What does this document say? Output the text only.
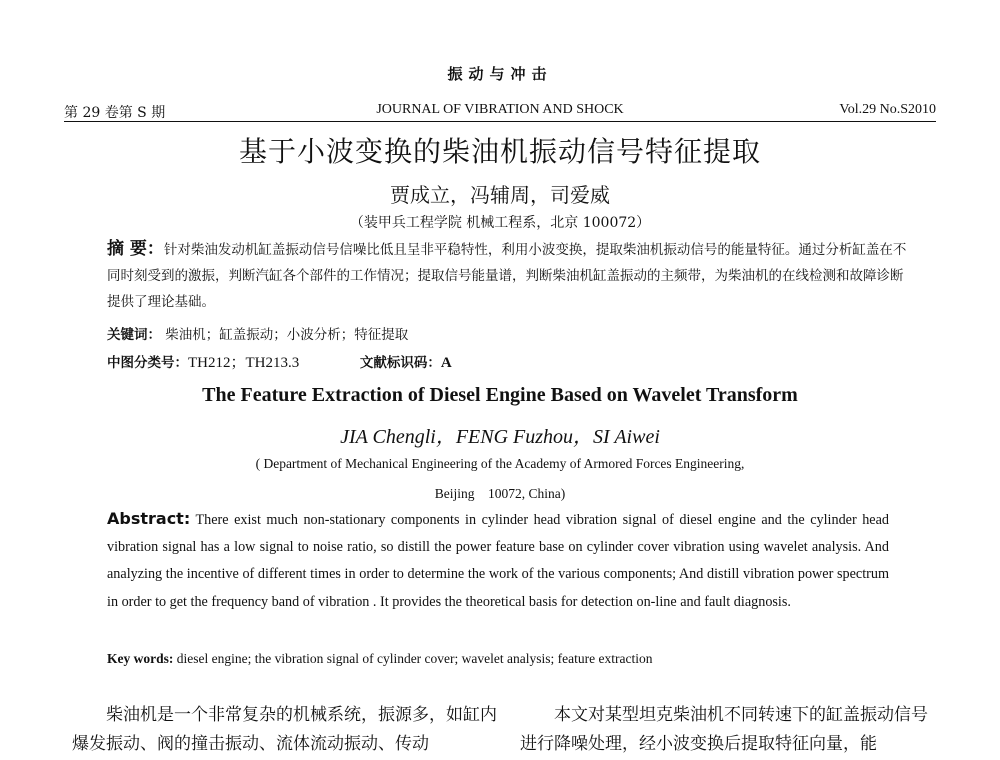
振动与冲击
第 29 卷第 S 期	JOURNAL OF VIBRATION AND SHOCK	Vol.29 No.S2010
基于小波变换的柴油机振动信号特征提取
贾成立，冯辅周，司爱威
（装甲兵工程学院 机械工程系，北京 100072）
摘 要：针对柴油发动机缸盖振动信号信噪比低且呈非平稳特性，利用小波变换，提取柴油机振动信号的能量特征。通过分析缸盖在不同时刻受到的激振，判断汽缸各个部件的工作情况；提取信号能量谱，判断柴油机缸盖振动的主频带，为柴油机的在线检测和故障诊断提供了理论基础。
关键词： 柴油机；缸盖振动；小波分析；特征提取
中图分类号：TH212；TH213.3	文献标识码：A
The Feature Extraction of Diesel Engine Based on Wavelet Transform
JIA Chengli，FENG Fuzhou，SI Aiwei
( Department of Mechanical Engineering of the Academy of Armored Forces Engineering,
Beijing　10072, China)
Abstract: There exist much non-stationary components in cylinder head vibration signal of diesel engine and the cylinder head vibration signal has a low signal to noise ratio, so distill the power feature base on cylinder cover vibration using wavelet analysis. And analyzing the incentive of different times in order to determine the work of the various components; And distill vibration power spectrum in order to get the frequency band of vibration . It provides the theoretical basis for detection on-line and fault diagnosis.
Key words: diesel engine; the vibration signal of cylinder cover; wavelet analysis; feature extraction
柴油机是一个非常复杂的机械系统，振源多，如缸内爆发振动、阀的撞击振动、流体流动振动、传动
本文对某型坦克柴油机不同转速下的缸盖振动信号进行降噪处理，经小波变换后提取特征向量，能
